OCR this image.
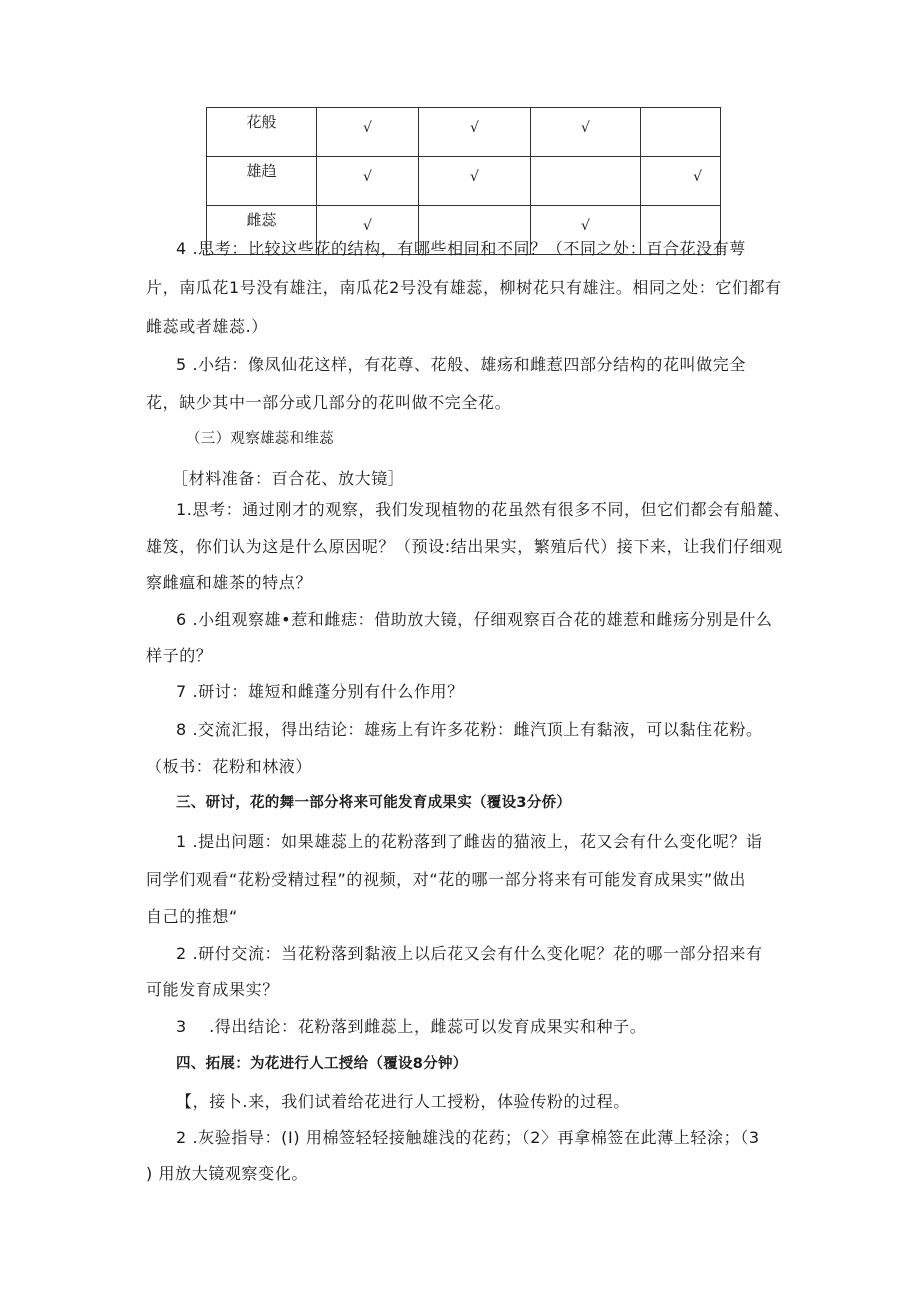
花般	√	√	√	
雄趋	√	√		√
雌蕊	√		√	
4 .思考：比较这些花的结构，有哪些相同和不同？（不同之处：百合花没有萼
片，南瓜花1号没有雄注，南瓜花2号没有雄蕊，柳树花只有雄注。相同之处：它们都有
雌蕊或者雄蕊.）
5 .小结：像凤仙花这样，有花尊、花般、雄疡和雌惹四部分结构的花叫做完全
花，缺少其中一部分或几部分的花叫做不完全花。
（三）观察雄蕊和维蕊
［材料准备：百合花、放大镜］
1.思考：通过刚才的观察，我们发现植物的花虽然有很多不同，但它们都会有船麓、
雄笈，你们认为这是什么原因呢？（预设:结出果实，繁殖后代）接下来，让我们仔细观
察雌瘟和雄茶的特点？
6 .小组观察雄•惹和雌痣：借助放大镜，仔细观察百合花的雄惹和雌疡分别是什么
样子的？
7 .研讨：雄短和雌蓬分别有什么作用？
8 .交流汇报，得出结论：雄疡上有许多花粉：雌汽顶上有黏液，可以黏住花粉。
（板书：花粉和林液）
三、研讨，花的舞一部分将来可能发育成果实（覆设3分侨）
1 .提出问题：如果雄蕊上的花粉落到了雌齿的猫液上，花又会有什么变化呢？诣
同学们观看“花粉受精过程”的视频，对“花的哪一部分将来有可能发育成果实”做出
自己的推想“
2 .研付交流：当花粉落到黏液上以后花又会有什么变化呢？花的哪一部分招来有
可能发育成果实？
3　 .得出结论：花粉落到雌蕊上，雌蕊可以发育成果实和种子。
四、拓展：为花进行人工授给（覆设8分钟）
【，接卜.来，我们试着给花进行人工授粉，体验传粉的过程。
2 .灰验指导：(I) 用棉签轻轻接触雄浅的花药；（2〉再拿棉签在此薄上轻涂；（3
) 用放大镜观察变化。
